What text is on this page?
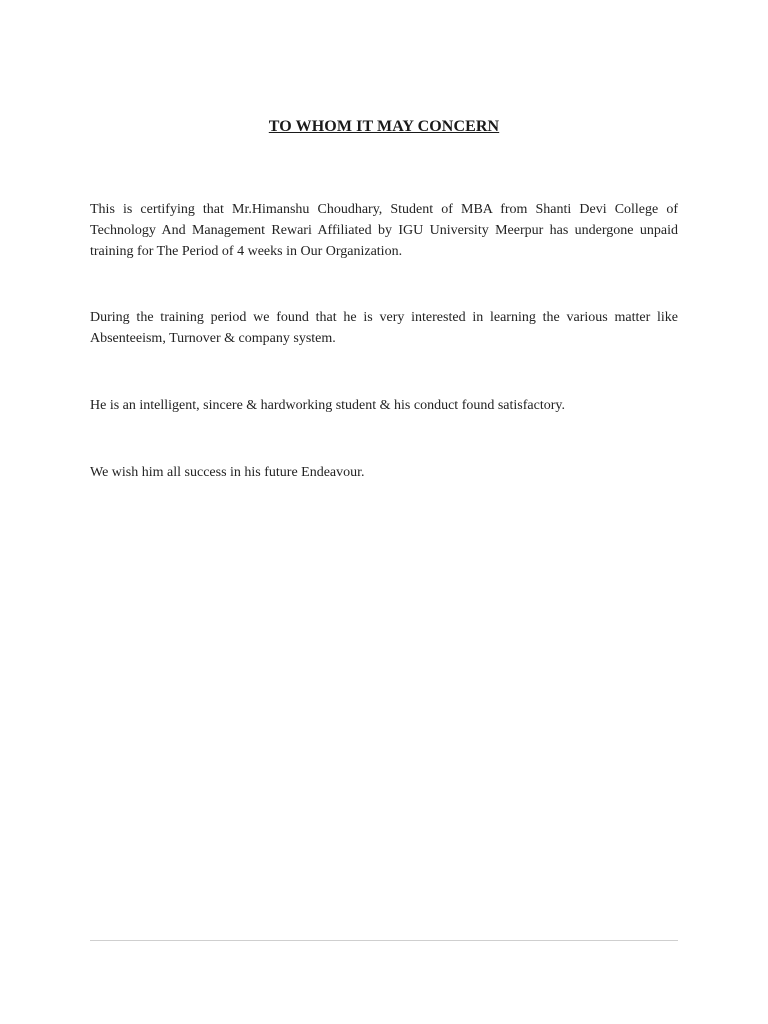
TO WHOM IT MAY CONCERN

This is certifying that Mr.Himanshu Choudhary, Student of MBA from Shanti Devi College of Technology And Management Rewari Affiliated by IGU University Meerpur has undergone unpaid training for The Period of 4 weeks in Our Organization.

During the training period we found that he is very interested in learning the various matter like Absenteeism, Turnover & company system.

He is an intelligent, sincere & hardworking student & his conduct found satisfactory.

We wish him all success in his future Endeavour.
